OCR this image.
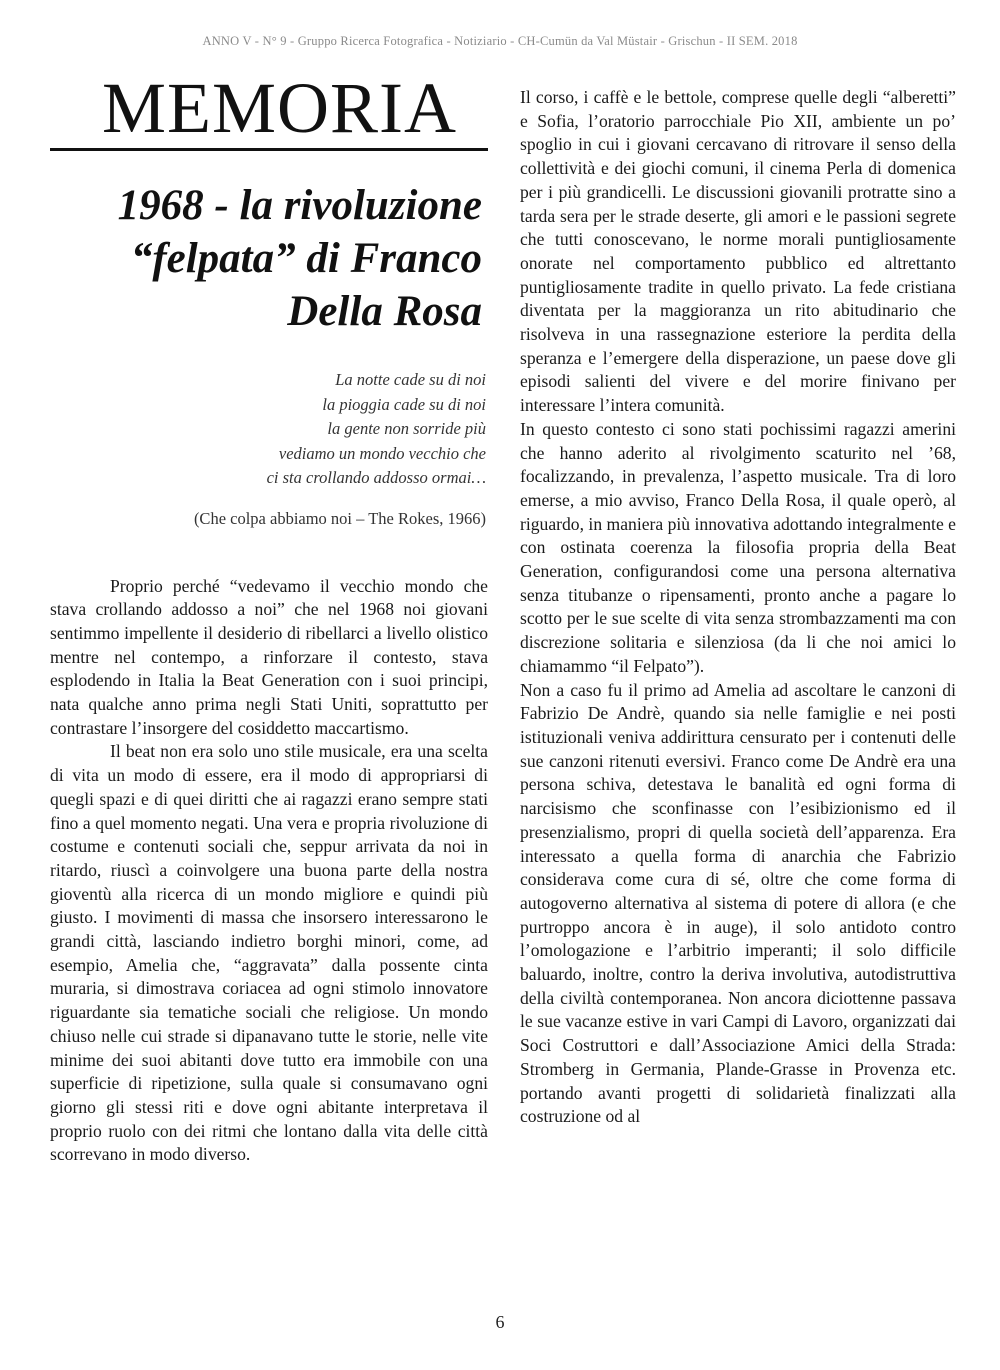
ANNO V - N° 9 - Gruppo Ricerca Fotografica - Notiziario - CH-Cumün da Val Müstair - Grischun - II SEM. 2018
MEMORIA
1968 - la rivoluzione
“felpata” di Franco
Della Rosa
La notte cade su di noi
la pioggia cade su di noi
la gente non sorride più
vediamo un mondo vecchio che
ci sta crollando addosso ormai…
(Che colpa abbiamo noi – The Rokes, 1966)

Proprio perché “vedevamo il vecchio mondo che stava crollando addosso a noi” che nel 1968 noi giovani sentimmo impellente il desiderio di ribellarci a livello olistico mentre nel contempo, a rinforzare il contesto, stava esplodendo in Italia la Beat Generation con i suoi principi, nata qualche anno prima negli Stati Uniti, soprattutto per contrastare l’insorgere del cosiddetto maccartismo.

Il beat non era solo uno stile musicale, era una scelta di vita un modo di essere, era il modo di appropriarsi di quegli spazi e di quei diritti che ai ragazzi erano sempre stati fino a quel momento negati. Una vera e propria rivoluzione di costume e contenuti sociali che, seppur arrivata da noi in ritardo, riuscì a coinvolgere una buona parte della nostra gioventù alla ricerca di un mondo migliore e quindi più giusto. I movimenti di massa che insorsero interessarono le grandi città, lasciando indietro borghi minori, come, ad esempio, Amelia che, “aggravata” dalla possente cinta muraria, si dimostrava coriacea ad ogni stimolo innovatore riguardante sia tematiche sociali che religiose. Un mondo chiuso nelle cui strade si dipanavano tutte le storie, nelle vite minime dei suoi abitanti dove tutto era immobile con una superficie di ripetizione, sulla quale si consumavano ogni giorno gli stessi riti e dove ogni abitante interpretava il proprio ruolo con dei ritmi che lontano dalla vita delle città scorrevano in modo diverso.

Il corso, i caffè e le bettole, comprese quelle degli “alberetti” e Sofia, l’oratorio parrocchiale Pio XII, ambiente un po’ spoglio in cui i giovani cercavano di ritrovare il senso della collettività e dei giochi comuni, il cinema Perla di domenica per i più grandicelli. Le discussioni giovanili protratte sino a tarda sera per le strade deserte, gli amori e le passioni segrete che tutti conoscevano, le norme morali puntigliosamente onorate nel comportamento pubblico ed altrettanto puntigliosamente tradite in quello privato. La fede cristiana diventata per la maggioranza un rito abitudinario che risolveva in una rassegnazione esteriore la perdita della speranza e l’emergere della disperazione, un paese dove gli episodi salienti del vivere e del morire finivano per interessare l’intera comunità.

In questo contesto ci sono stati pochissimi ragazzi amerini che hanno aderito al rivolgimento scaturito nel ’68, focalizzando, in prevalenza, l’aspetto musicale. Tra di loro emerse, a mio avviso, Franco Della Rosa, il quale operò, al riguardo, in maniera più innovativa adottando integralmente e con ostinata coerenza la filosofia propria della Beat Generation, configurandosi come una persona alternativa senza titubanze o ripensamenti, pronto anche a pagare lo scotto per le sue scelte di vita senza strombazzamenti ma con discrezione solitaria e silenziosa (da li che noi amici lo chiamammo “il Felpato”).

Non a caso fu il primo ad Amelia ad ascoltare le canzoni di Fabrizio De Andrè, quando sia nelle famiglie e nei posti istituzionali veniva addirittura censurato per i contenuti delle sue canzoni ritenuti eversivi. Franco come De Andrè era una persona schiva, detestava le banalità ed ogni forma di narcisismo che sconfinasse con l’esibizionismo ed il presenzialismo, propri di quella società dell’apparenza. Era interessato a quella forma di anarchia che Fabrizio considerava come cura di sé, oltre che come forma di autogoverno alternativa al sistema di potere di allora (e che purtroppo ancora è in auge), il solo antidoto contro l’omologazione e l’arbitrio imperanti; il solo difficile baluardo, inoltre, contro la deriva involutiva, autodistruttiva della civiltà contemporanea. Non ancora diciottenne passava le sue vacanze estive in vari Campi di Lavoro, organizzati dai Soci Costruttori e dall’Associazione Amici della Strada: Stromberg in Germania, Plande-Grasse in Provenza etc. portando avanti progetti di solidarietà finalizzati alla costruzione od al

6
